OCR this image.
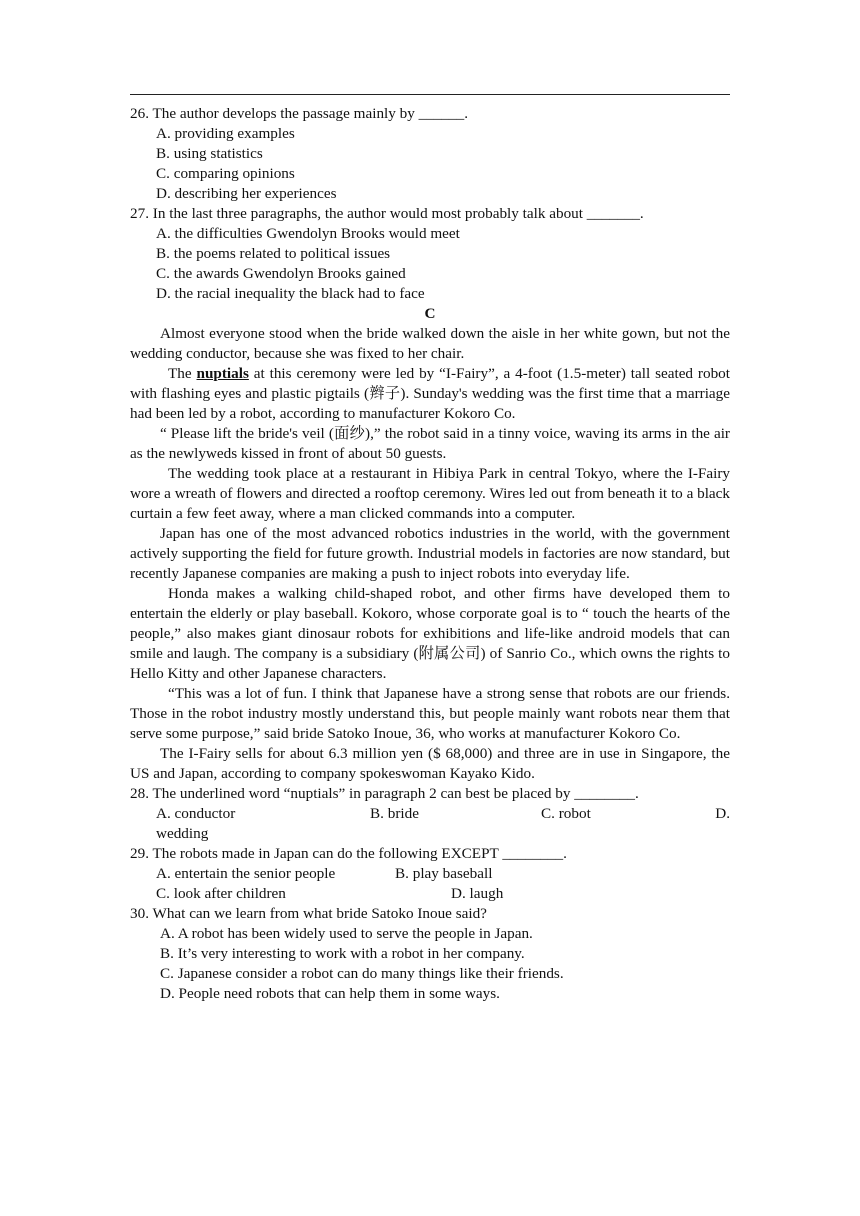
26. The author develops the passage mainly by ______.
A. providing examples
B. using statistics
C. comparing opinions
D. describing her experiences
27. In the last three paragraphs, the author would most probably talk about _______.
A. the difficulties Gwendolyn Brooks would meet
B. the poems related to political issues
C. the awards Gwendolyn Brooks gained
D. the racial inequality the black had to face
C
Almost everyone stood when the bride walked down the aisle in her white gown, but not the wedding conductor, because she was fixed to her chair.
The nuptials at this ceremony were led by “I-Fairy”, a 4-foot (1.5-meter) tall seated robot with flashing eyes and plastic pigtails (辫子). Sunday's wedding was the first time that a marriage had been led by a robot, according to manufacturer Kokoro Co.
“ Please lift the bride's veil (面纱),” the robot said in a tinny voice, waving its arms in the air as the newlyweds kissed in front of about 50 guests.
The wedding took place at a restaurant in Hibiya Park in central Tokyo, where the I-Fairy wore a wreath of flowers and directed a rooftop ceremony. Wires led out from beneath it to a black curtain a few feet away, where a man clicked commands into a computer.
Japan has one of the most advanced robotics industries in the world, with the government actively supporting the field for future growth. Industrial models in factories are now standard, but recently Japanese companies are making a push to inject robots into everyday life.
Honda makes a walking child-shaped robot, and other firms have developed them to entertain the elderly or play baseball. Kokoro, whose corporate goal is to “ touch the hearts of the people,” also makes giant dinosaur robots for exhibitions and life-like android models that can smile and laugh. The company is a subsidiary (附属公司) of Sanrio Co., which owns the rights to Hello Kitty and other Japanese characters.
“This was a lot of fun. I think that Japanese have a strong sense that robots are our friends. Those in the robot industry mostly understand this, but people mainly want robots near them that serve some purpose,” said bride Satoko Inoue, 36, who works at manufacturer Kokoro Co.
The I-Fairy sells for about 6.3 million yen ($ 68,000) and three are in use in Singapore, the US and Japan, according to company spokeswoman Kayako Kido.
28. The underlined word “nuptials” in paragraph 2 can best be placed by ________.
A. conductor	B. bride	C. robot	D.
wedding
29. The robots made in Japan can do the following EXCEPT ________.
A. entertain the senior people	B. play baseball
C. look after children	D. laugh
30. What can we learn from what bride Satoko Inoue said?
A. A robot has been widely used to serve the people in Japan.
B. It’s very interesting to work with a robot in her company.
C. Japanese consider a robot can do many things like their friends.
D. People need robots that can help them in some ways.
